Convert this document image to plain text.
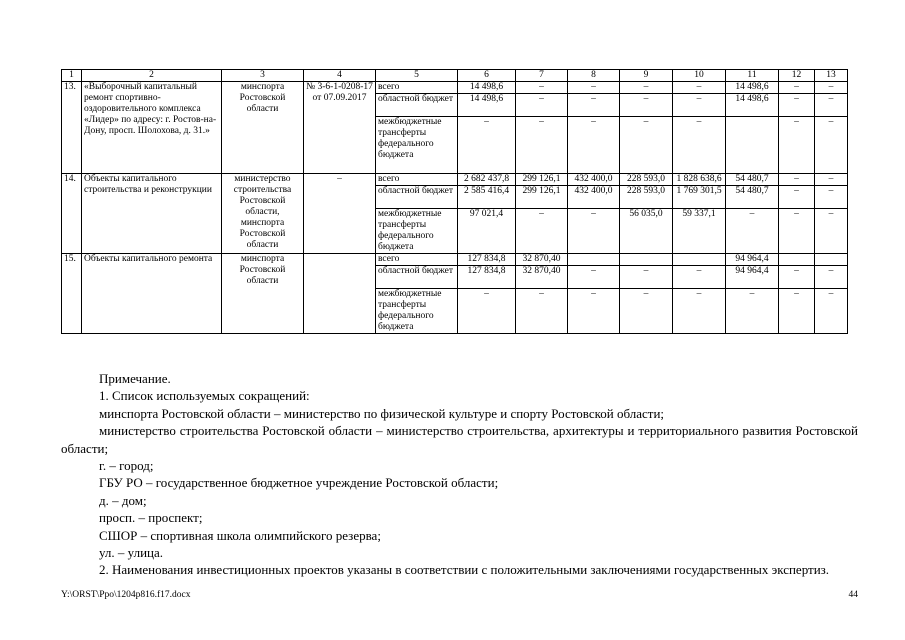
1	2	3	4	5	6	7	8	9	10	11	12	13
13.	«Выборочный капитальный ремонт спортивно-оздоровительного комплекса «Лидер» по адресу: г. Ростов-на-Дону, просп. Шолохова, д. 31.»	минспорта Ростовской области	№ 3-6-1-0208-17 от 07.09.2017	всего	14 498,6	–	–	–	–	14 498,6	–	–
				областной бюджет	14 498,6	–	–	–	–	14 498,6	–	–
				межбюджетные трансферты федерального бюджета	–	–	–	–	–		–	–
14.	Объекты капитального строительства и реконструкции	министерство строительства Ростовской области, минспорта Ростовской области	–	всего	2 682 437,8	299 126,1	432 400,0	228 593,0	1 828 638,6	54 480,7	–	–
				областной бюджет	2 585 416,4	299 126,1	432 400,0	228 593,0	1 769 301,5	54 480,7	–	–
				межбюджетные трансферты федерального бюджета	97 021,4	–	–	56 035,0	59 337,1	–	–	–
15.	Объекты капитального ремонта	минспорта Ростовской области		всего	127 834,8	32 870,40				94 964,4		
				областной бюджет	127 834,8	32 870,40	–	–	–	94 964,4	–	–
				межбюджетные трансферты федерального бюджета	–	–	–	–	–	–	–	–

Примечание.

1. Список используемых сокращений:

минспорта Ростовской области – министерство по физической культуре и спорту Ростовской области;

министерство строительства Ростовской области – министерство строительства, архитектуры и территориального развития Ростовской области;

г. – город;

ГБУ РО – государственное бюджетное учреждение Ростовской области;

д. – дом;

просп. – проспект;

СШОР – спортивная школа олимпийского резерва;

ул. – улица.

2. Наименования инвестиционных проектов указаны в соответствии с положительными заключениями государственных экспертиз.

Y:\ORST\Ppo\1204p816.f17.docx	44
